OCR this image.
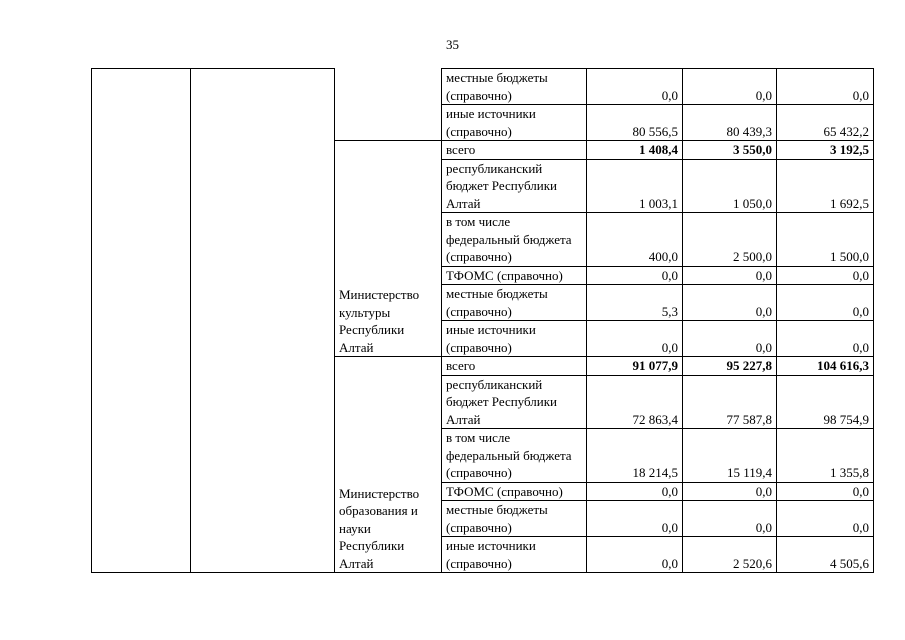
35
			местные бюджеты (справочно)	0,0	0,0	0,0
			иные источники (справочно)	80 556,5	80 439,3	65 432,2
		Министерство культуры Республики Алтай	всего	1 408,4	3 550,0	3 192,5
			республиканский бюджет Республики Алтай	1 003,1	1 050,0	1 692,5
			в том числе федеральный бюджета (справочно)	400,0	2 500,0	1 500,0
			ТФОМС (справочно)	0,0	0,0	0,0
			местные бюджеты (справочно)	5,3	0,0	0,0
			иные источники (справочно)	0,0	0,0	0,0
		Министерство образования и науки Республики Алтай	всего	91 077,9	95 227,8	104 616,3
			республиканский бюджет Республики Алтай	72 863,4	77 587,8	98 754,9
			в том числе федеральный бюджета (справочно)	18 214,5	15 119,4	1 355,8
			ТФОМС (справочно)	0,0	0,0	0,0
			местные бюджеты (справочно)	0,0	0,0	0,0
			иные источники (справочно)	0,0	2 520,6	4 505,6
